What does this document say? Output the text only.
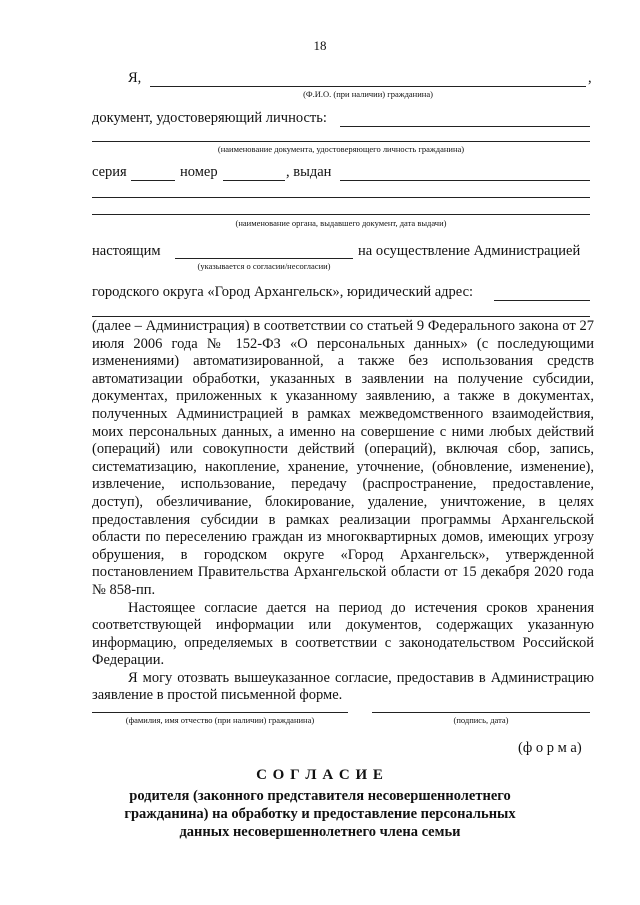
18
Я,	,
(Ф.И.О. (при наличии) гражданина)
документ, удостоверяющий личность:
(наименование документа, удостоверяющего личность гражданина)
серия	номер	, выдан
(наименование органа, выдавшего документ, дата выдачи)
настоящим	на осуществление Администрацией
(указывается о согласии/несогласии)
городского округа «Город Архангельск», юридический адрес:

(далее – Администрация) в соответствии со статьей 9 Федерального закона от 27 июля 2006 года № 152-ФЗ «О персональных данных» (с последующими изменениями) автоматизированной, а также без использования средств автоматизации обработки, указанных в заявлении на получение субсидии, документах, приложенных к указанному заявлению, а также в документах, полученных Администрацией в рамках межведомственного взаимодействия, моих персональных данных, а именно на совершение с ними любых действий (операций) или совокупности действий (операций), включая сбор, запись, систематизацию, накопление, хранение, уточнение, (обновление, изменение), извлечение, использование, передачу (распространение, предоставление, доступ), обезличивание, блокирование, удаление, уничтожение, в целях предоставления субсидии в рамках реализации программы Архангельской области по переселению граждан из многоквартирных домов, имеющих угрозу обрушения, в городском округе «Город Архангельск», утвержденной постановлением Правительства Архангельской области от 15 декабря 2020 года № 858-пп.

Настоящее согласие дается на период до истечения сроков хранения соответствующей информации или документов, содержащих указанную информацию, определяемых в соответствии с законодательством Российской Федерации.

Я могу отозвать вышеуказанное согласие, предоставив в Администрацию заявление в простой письменной форме.

(фамилия, имя отчество (при наличии) гражданина)	(подпись, дата)
(ф о р м а)
С О Г Л А С И Е
родителя (законного представителя несовершеннолетнего
гражданина) на обработку и предоставление персональных
данных несовершеннолетнего члена семьи
